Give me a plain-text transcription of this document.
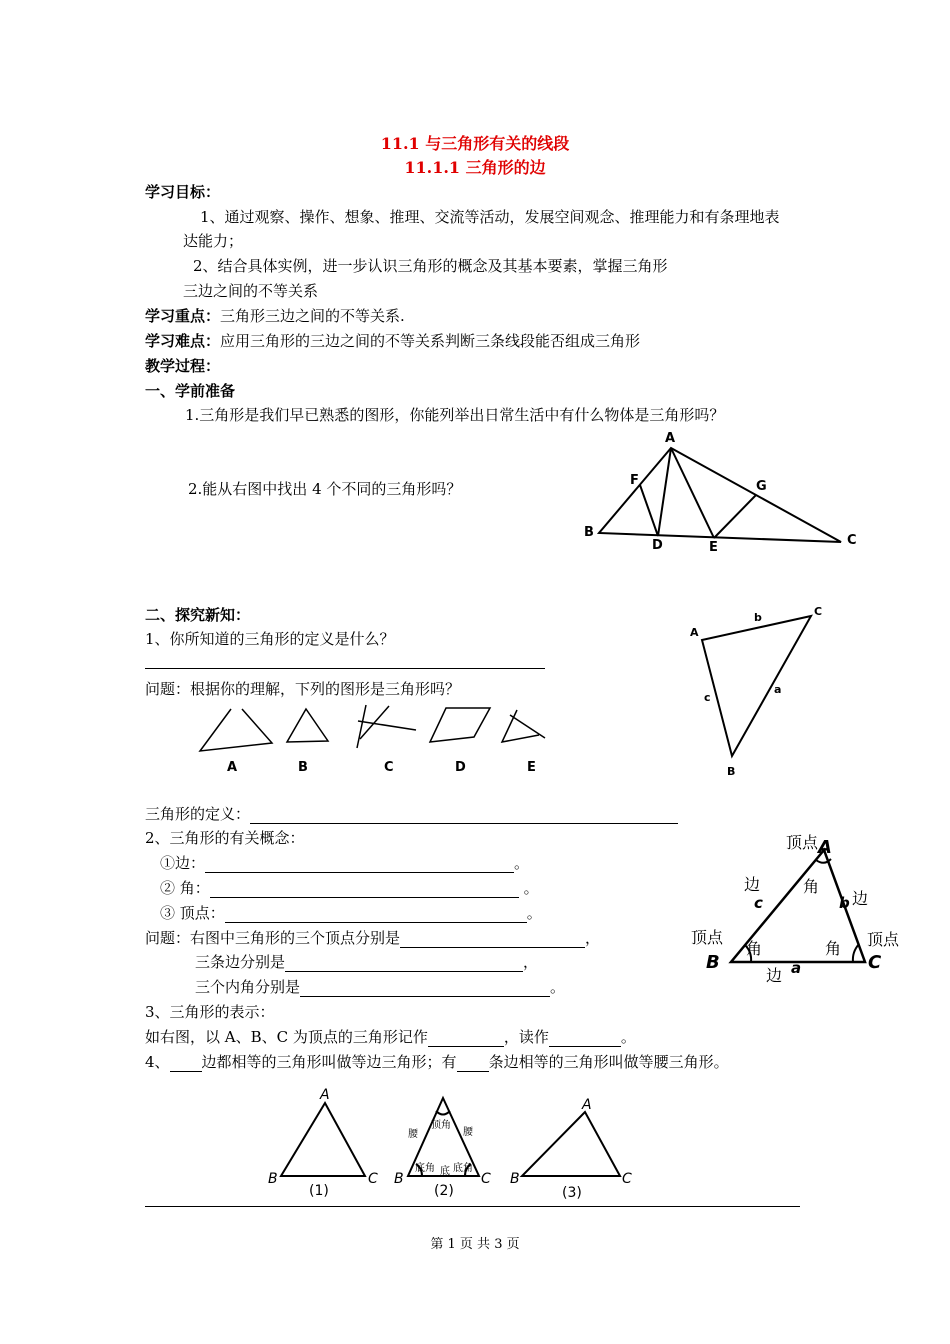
11.1 与三角形有关的线段
11.1.1 三角形的边
学习目标：
1、通过观察、操作、想象、推理、交流等活动，发展空间观念、推理能力和有条理地表
达能力；
2、结合具体实例，进一步认识三角形的概念及其基本要素，掌握三角形
三边之间的不等关系
学习重点：三角形三边之间的不等关系.
学习难点：应用三角形的三边之间的不等关系判断三条线段能否组成三角形
教学过程：
一、学前准备
1.三角形是我们早已熟悉的图形，你能列举出日常生活中有什么物体是三角形吗？
2.能从右图中找出 4 个不同的三角形吗？
A
F	G
B
D	E	C
二、探究新知：
1、你所知道的三角形的定义是什么？
问题：根据你的理解，下列的图形是三角形吗？
A	B	C	D	E
A
C
b
c
a
B
三角形的定义：
2、三角形的有关概念：
①边：	。
② 角：	。
③ 顶点：	。
问题：右图中三角形的三个顶点分别是	，
三条边分别是	，
三个内角分别是	。
顶点 A
边
c
角
b 边
顶点
角	角 顶点
B	C
边 a
3、三角形的表示：
如右图，以 A、B、C 为顶点的三角形记作	，读作	。
4、 边都相等的三角形叫做等边三角形；有 条边相等的三角形叫做等腰三角形。
A
B	C B	C
A
B	C
(1)	(2)	(3)
顶角
腰	腰
底角 底角
底
第 1 页 共 3 页
